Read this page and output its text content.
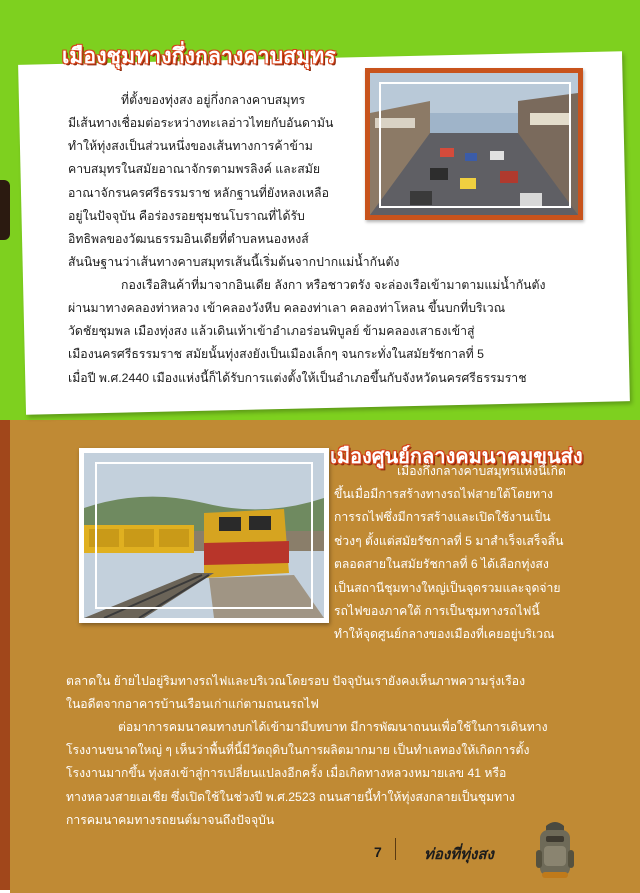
เมืองชุมทางกึ่งกลางคาบสมุทร

ที่ตั้งของทุ่งสง อยู่กึ่งกลางคาบสมุทร

มีเส้นทางเชื่อมต่อระหว่างทะเลอ่าวไทยกับอันดามัน

ทำให้ทุ่งสงเป็นส่วนหนึ่งของเส้นทางการค้าข้าม

คาบสมุทรในสมัยอาณาจักรตามพรลิงค์ และสมัย

อาณาจักรนครศรีธรรมราช หลักฐานที่ยังหลงเหลือ

อยู่ในปัจจุบัน คือร่องรอยชุมชนโบราณที่ได้รับ

อิทธิพลของวัฒนธรรมอินเดียที่ตำบลหนองหงส์

สันนิษฐานว่าเส้นทางคาบสมุทรเส้นนี้เริ่มต้นจากปากแม่น้ำกันตัง

กองเรือสินค้าที่มาจากอินเดีย ลังกา หรือชาวตรัง จะล่องเรือเข้ามาตามแม่น้ำกันตัง

ผ่านมาทางคลองท่าหลวง เข้าคลองวังหีบ คลองท่าเลา คลองท่าโหลน ขึ้นบกที่บริเวณ

วัดชัยชุมพล เมืองทุ่งสง แล้วเดินเท้าเข้าอำเภอร่อนพิบูลย์ ข้ามคลองเสาธงเข้าสู่

เมืองนครศรีธรรมราช สมัยนั้นทุ่งสงยังเป็นเมืองเล็กๆ จนกระทั่งในสมัยรัชกาลที่ 5

เมื่อปี พ.ศ.2440 เมืองแห่งนี้ก็ได้รับการแต่งตั้งให้เป็นอำเภอขึ้นกับจังหวัดนครศรีธรรมราช

เมืองศูนย์กลางคมนาคมขนส่ง

เมืองกึ่งกลางคาบสมุทรแห่งนี้เกิด

ขึ้นเมื่อมีการสร้างทางรถไฟสายใต้โดยทาง

การรถไฟซึ่งมีการสร้างและเปิดใช้งานเป็น

ช่วงๆ ตั้งแต่สมัยรัชกาลที่ 5 มาสำเร็จเสร็จสิ้น

ตลอดสายในสมัยรัชกาลที่ 6 ได้เลือกทุ่งสง

เป็นสถานีชุมทางใหญ่เป็นจุดรวมและจุดจ่าย

รถไฟของภาคใต้ การเป็นชุมทางรถไฟนี้

ทำให้จุดศูนย์กลางของเมืองที่เคยอยู่บริเวณ

ตลาดใน ย้ายไปอยู่ริมทางรถไฟและบริเวณโดยรอบ ปัจจุบันเรายังคงเห็นภาพความรุ่งเรือง

ในอดีตจากอาคารบ้านเรือนเก่าแก่ตามถนนรถไฟ

ต่อมาการคมนาคมทางบกได้เข้ามามีบทบาท มีการพัฒนาถนนเพื่อใช้ในการเดินทาง

โรงงานขนาดใหญ่ ๆ เห็นว่าพื้นที่นี้มีวัตถุดิบในการผลิตมากมาย เป็นทำเลทองให้เกิดการตั้ง

โรงงานมากขึ้น ทุ่งสงเข้าสู่การเปลี่ยนแปลงอีกครั้ง เมื่อเกิดทางหลวงหมายเลข 41 หรือ

ทางหลวงสายเอเชีย ซึ่งเปิดใช้ในช่วงปี พ.ศ.2523 ถนนสายนี้ทำให้ทุ่งสงกลายเป็นชุมทาง

การคมนาคมทางรถยนต์มาจนถึงปัจจุบัน

7	ท่องที่ทุ่งสง
